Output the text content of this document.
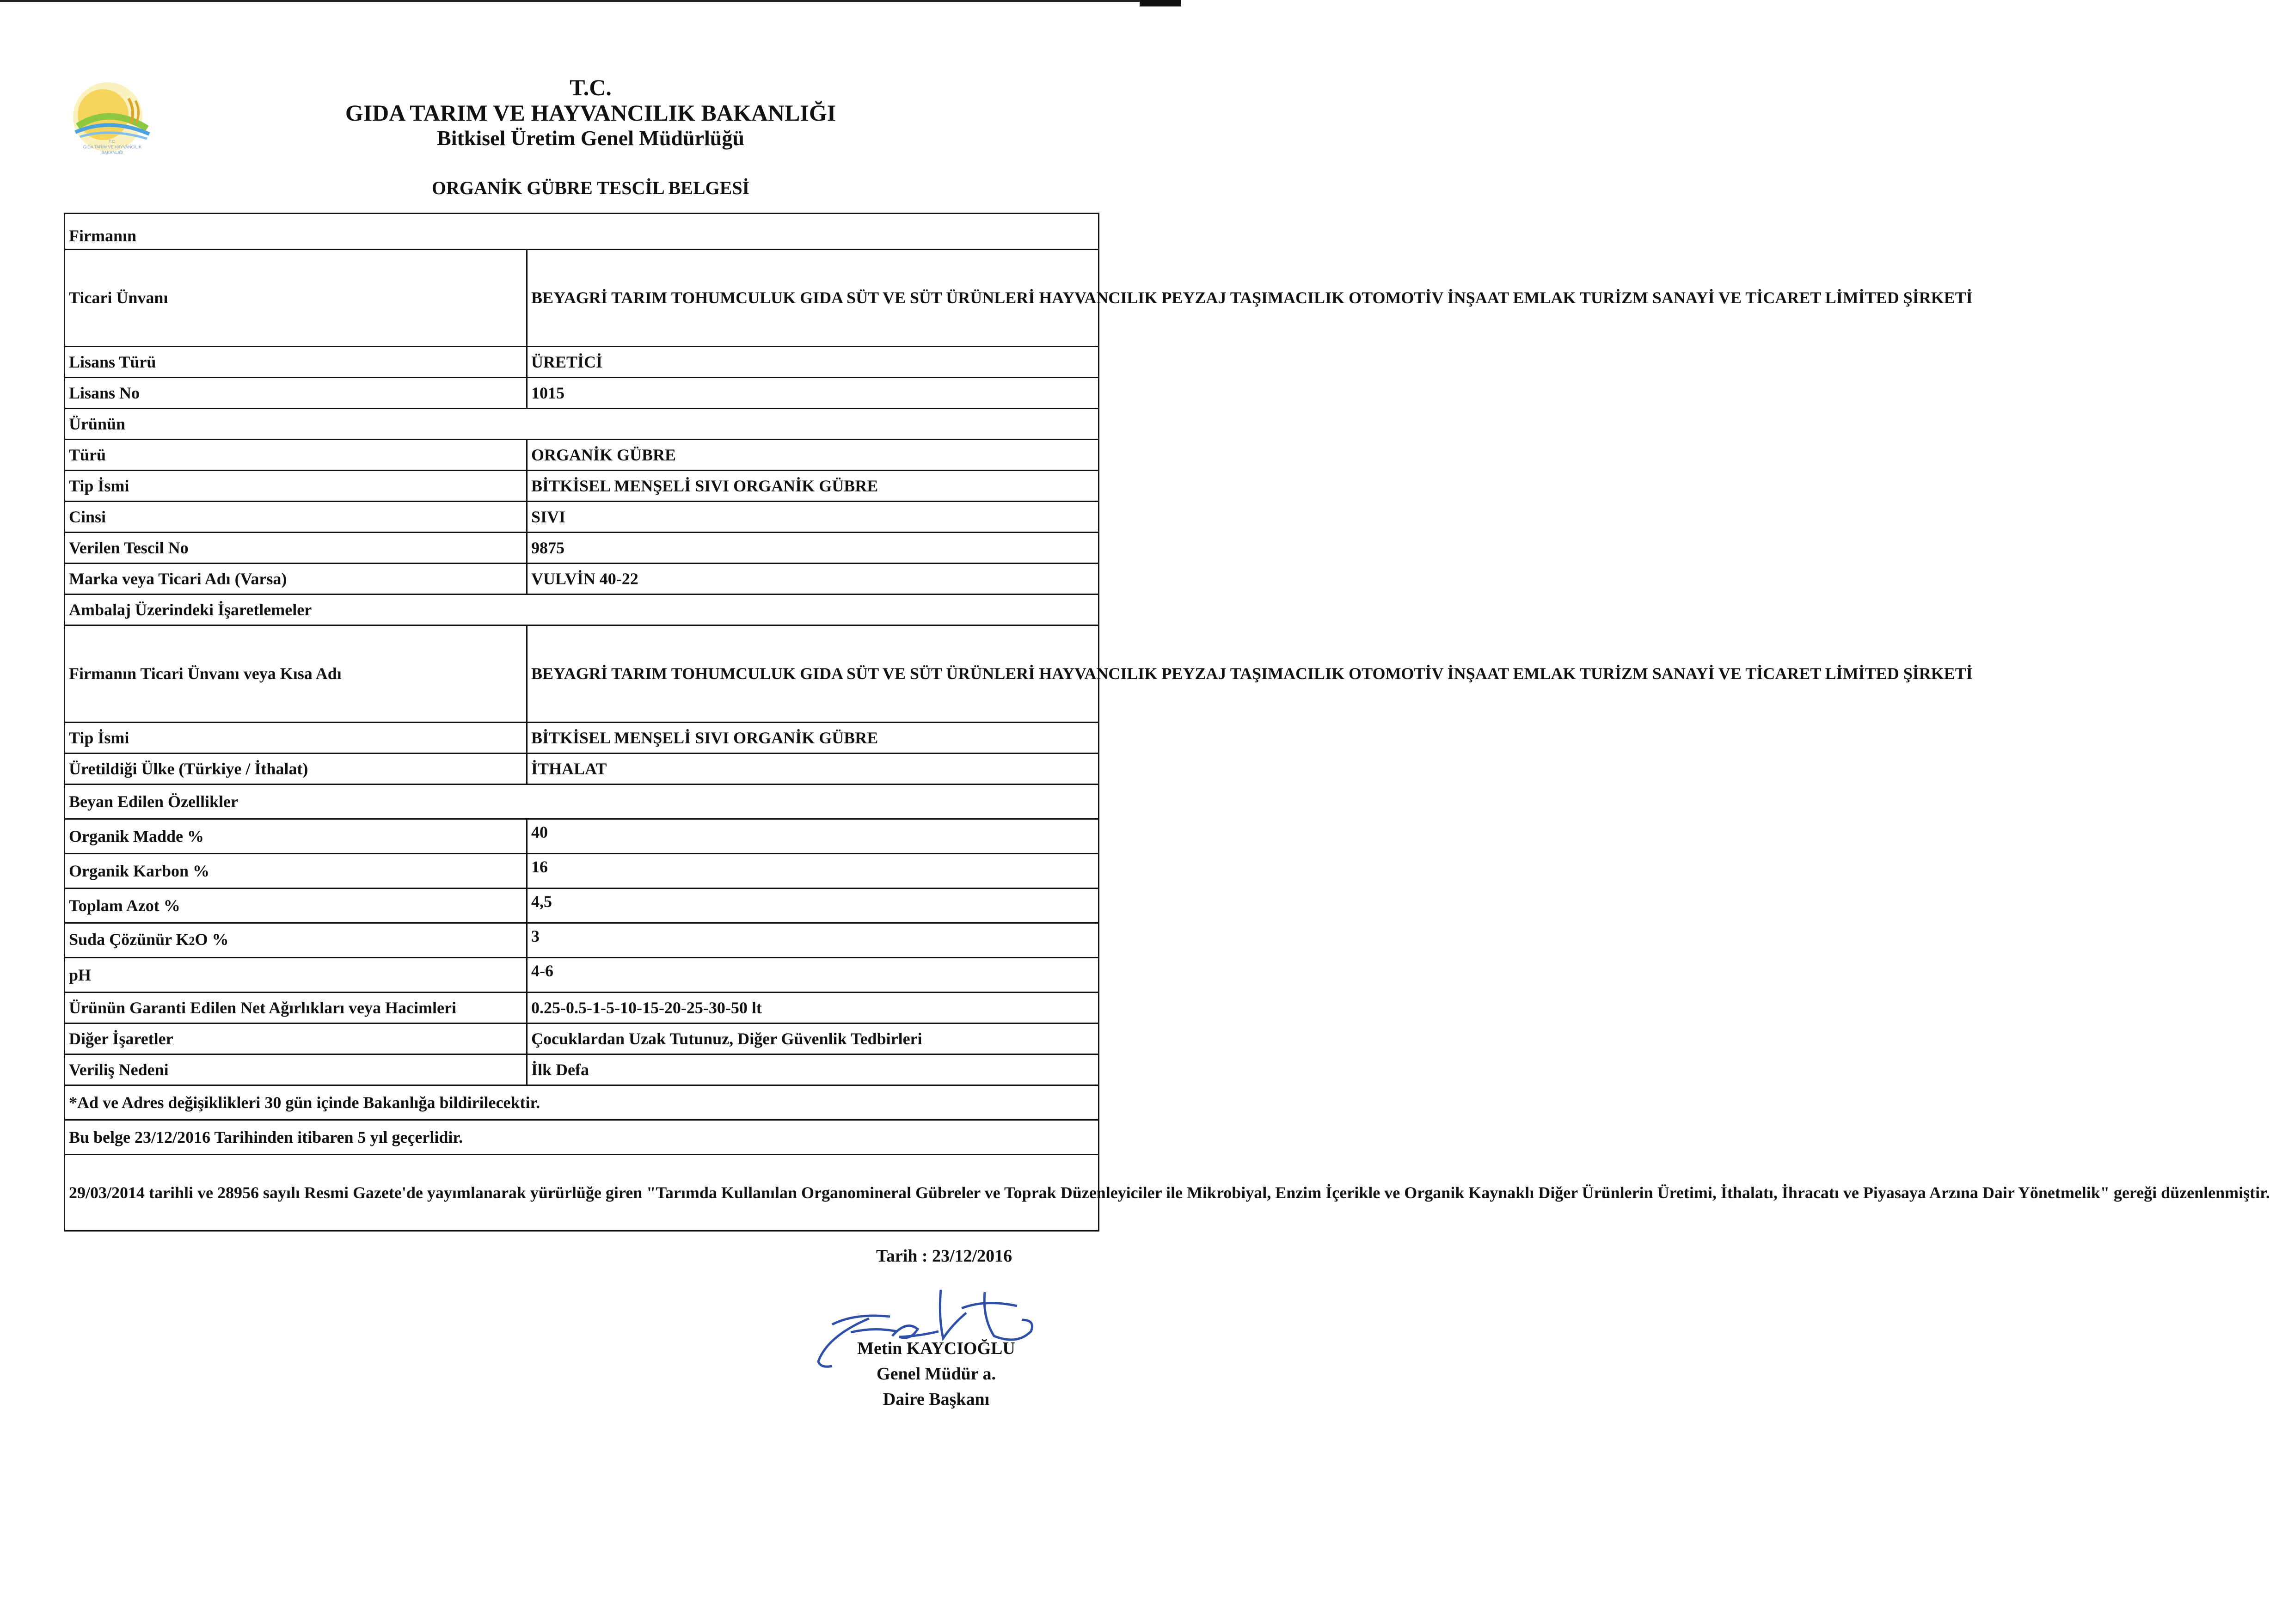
T.C.
GIDA TARIM VE HAYVANCILIK
BAKANLIĞI
T.C.
GIDA TARIM VE HAYVANCILIK BAKANLIĞI
Bitkisel Üretim Genel Müdürlüğü
ORGANİK GÜBRE TESCİL BELGESİ
Firmanın	
Ticari Ünvanı	BEYAGRİ TARIM TOHUMCULUK GIDA SÜT VE SÜT ÜRÜNLERİ HAYVANCILIK PEYZAJ TAŞIMACILIK OTOMOTİV İNŞAAT EMLAK TURİZM SANAYİ VE TİCARET LİMİTED ŞİRKETİ
Lisans Türü	ÜRETİCİ
Lisans No	1015
Ürünün	
Türü	ORGANİK GÜBRE
Tip İsmi	BİTKİSEL MENŞELİ SIVI ORGANİK GÜBRE
Cinsi	SIVI
Verilen Tescil No	9875
Marka veya Ticari Adı (Varsa)	VULVİN 40-22
Ambalaj Üzerindeki İşaretlemeler	
Firmanın Ticari Ünvanı veya Kısa Adı	BEYAGRİ TARIM TOHUMCULUK GIDA SÜT VE SÜT ÜRÜNLERİ HAYVANCILIK PEYZAJ TAŞIMACILIK OTOMOTİV İNŞAAT EMLAK TURİZM SANAYİ VE TİCARET LİMİTED ŞİRKETİ
Tip İsmi	BİTKİSEL MENŞELİ SIVI ORGANİK GÜBRE
Üretildiği Ülke (Türkiye / İthalat)	İTHALAT
Beyan Edilen Özellikler	
Organik Madde %	40
Organik Karbon %	16
Toplam Azot %	4,5
Suda Çözünür K2O %	3
pH	4-6
Ürünün Garanti Edilen Net Ağırlıkları veya Hacimleri	0.25-0.5-1-5-10-15-20-25-30-50 lt
Diğer İşaretler	Çocuklardan Uzak Tutunuz, Diğer Güvenlik Tedbirleri
Veriliş Nedeni	İlk Defa
*Ad ve Adres değişiklikleri 30 gün içinde Bakanlığa bildirilecektir.	
Bu belge 23/12/2016 Tarihinden itibaren 5 yıl geçerlidir.	
29/03/2014 tarihli ve 28956 sayılı Resmi Gazete'de yayımlanarak yürürlüğe giren "Tarımda Kullanılan Organomineral Gübreler ve Toprak Düzenleyiciler ile Mikrobiyal, Enzim İçerikle ve Organik Kaynaklı Diğer Ürünlerin Üretimi, İthalatı, İhracatı ve Piyasaya Arzına Dair Yönetmelik" gereği düzenlenmiştir.	
Tarih : 23/12/2016
Metin KAYCIOĞLU
Genel Müdür a.
Daire Başkanı
